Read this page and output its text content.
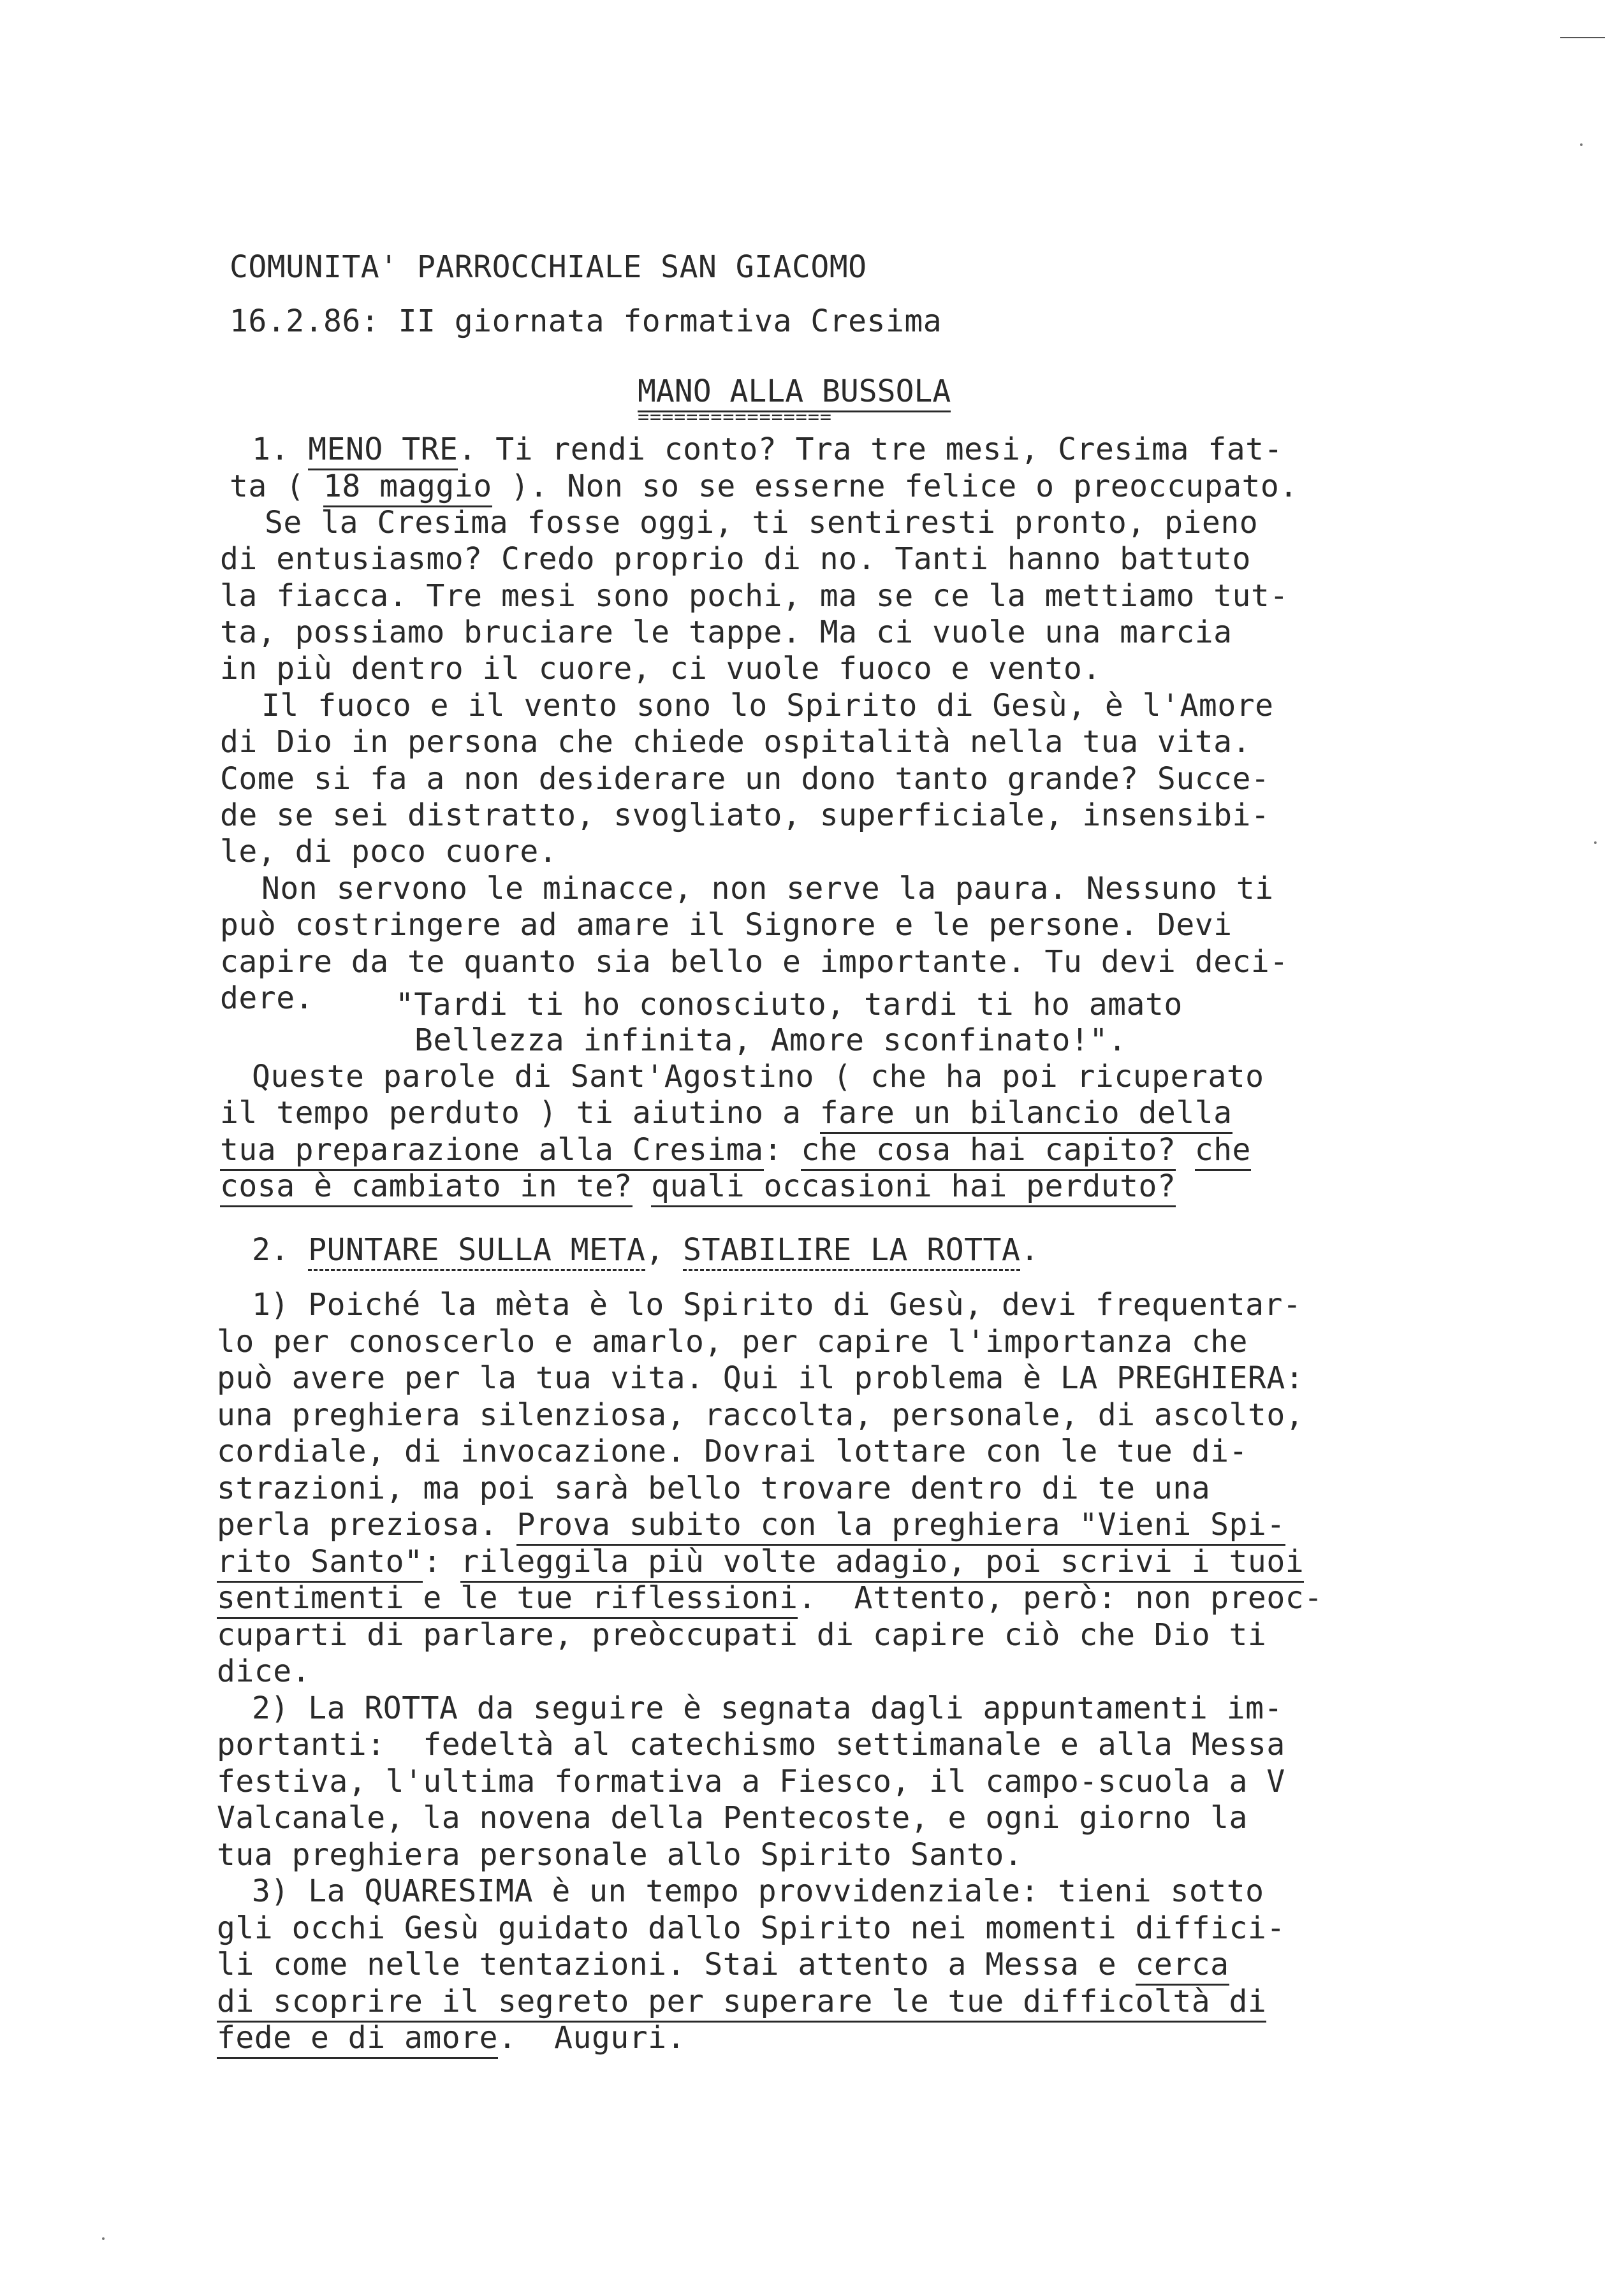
COMUNITA' PARROCCHIALE SAN GIACOMO
16.2.86: II giornata formativa Cresima
MANO ALLA BUSSOLA
================
1. MENO TRE. Ti rendi conto? Tra tre mesi, Cresima fat-
ta ( 18 maggio ). Non so se esserne felice o preoccupato.
Se la Cresima fosse oggi, ti sentiresti pronto, pieno
di entusiasmo? Credo proprio di no. Tanti hanno battuto
la fiacca. Tre mesi sono pochi, ma se ce la mettiamo tut-
ta, possiamo bruciare le tappe. Ma ci vuole una marcia
in più dentro il cuore, ci vuole fuoco e vento.
Il fuoco e il vento sono lo Spirito di Gesù, è l'Amore
di Dio in persona che chiede ospitalità nella tua vita.
Come si fa a non desiderare un dono tanto grande? Succe-
de se sei distratto, svogliato, superficiale, insensibi-
le, di poco cuore.
Non servono le minacce, non serve la paura. Nessuno ti
può costringere ad amare il Signore e le persone. Devi
capire da te quanto sia bello e importante. Tu devi deci-
dere.	"Tardi ti ho conosciuto, tardi ti ho amato
Bellezza infinita, Amore sconfinato!".
Queste parole di Sant'Agostino ( che ha poi ricuperato
il tempo perduto ) ti aiutino a fare un bilancio della
tua preparazione alla Cresima: che cosa hai capito? che
cosa è cambiato in te? quali occasioni hai perduto?
2. PUNTARE SULLA META, STABILIRE LA ROTTA.
1) Poiché la mèta è lo Spirito di Gesù, devi frequentar-
lo per conoscerlo e amarlo, per capire l'importanza che
può avere per la tua vita. Qui il problema è LA PREGHIERA:
una preghiera silenziosa, raccolta, personale, di ascolto,
cordiale, di invocazione. Dovrai lottare con le tue di-
strazioni, ma poi sarà bello trovare dentro di te una
perla preziosa. Prova subito con la preghiera "Vieni Spi-
rito Santo": rileggila più volte adagio, poi scrivi i tuoi
sentimenti e le tue riflessioni.  Attento, però: non preoc-
cuparti di parlare, preòccupati di capire ciò che Dio ti
dice.
2) La ROTTA da seguire è segnata dagli appuntamenti im-
portanti:  fedeltà al catechismo settimanale e alla Messa
festiva, l'ultima formativa a Fiesco, il campo-scuola a V
Valcanale, la novena della Pentecoste, e ogni giorno la
tua preghiera personale allo Spirito Santo.
3) La QUARESIMA è un tempo provvidenziale: tieni sotto
gli occhi Gesù guidato dallo Spirito nei momenti diffici-
li come nelle tentazioni. Stai attento a Messa e cerca
di scoprire il segreto per superare le tue difficoltà di
fede e di amore.  Auguri.
